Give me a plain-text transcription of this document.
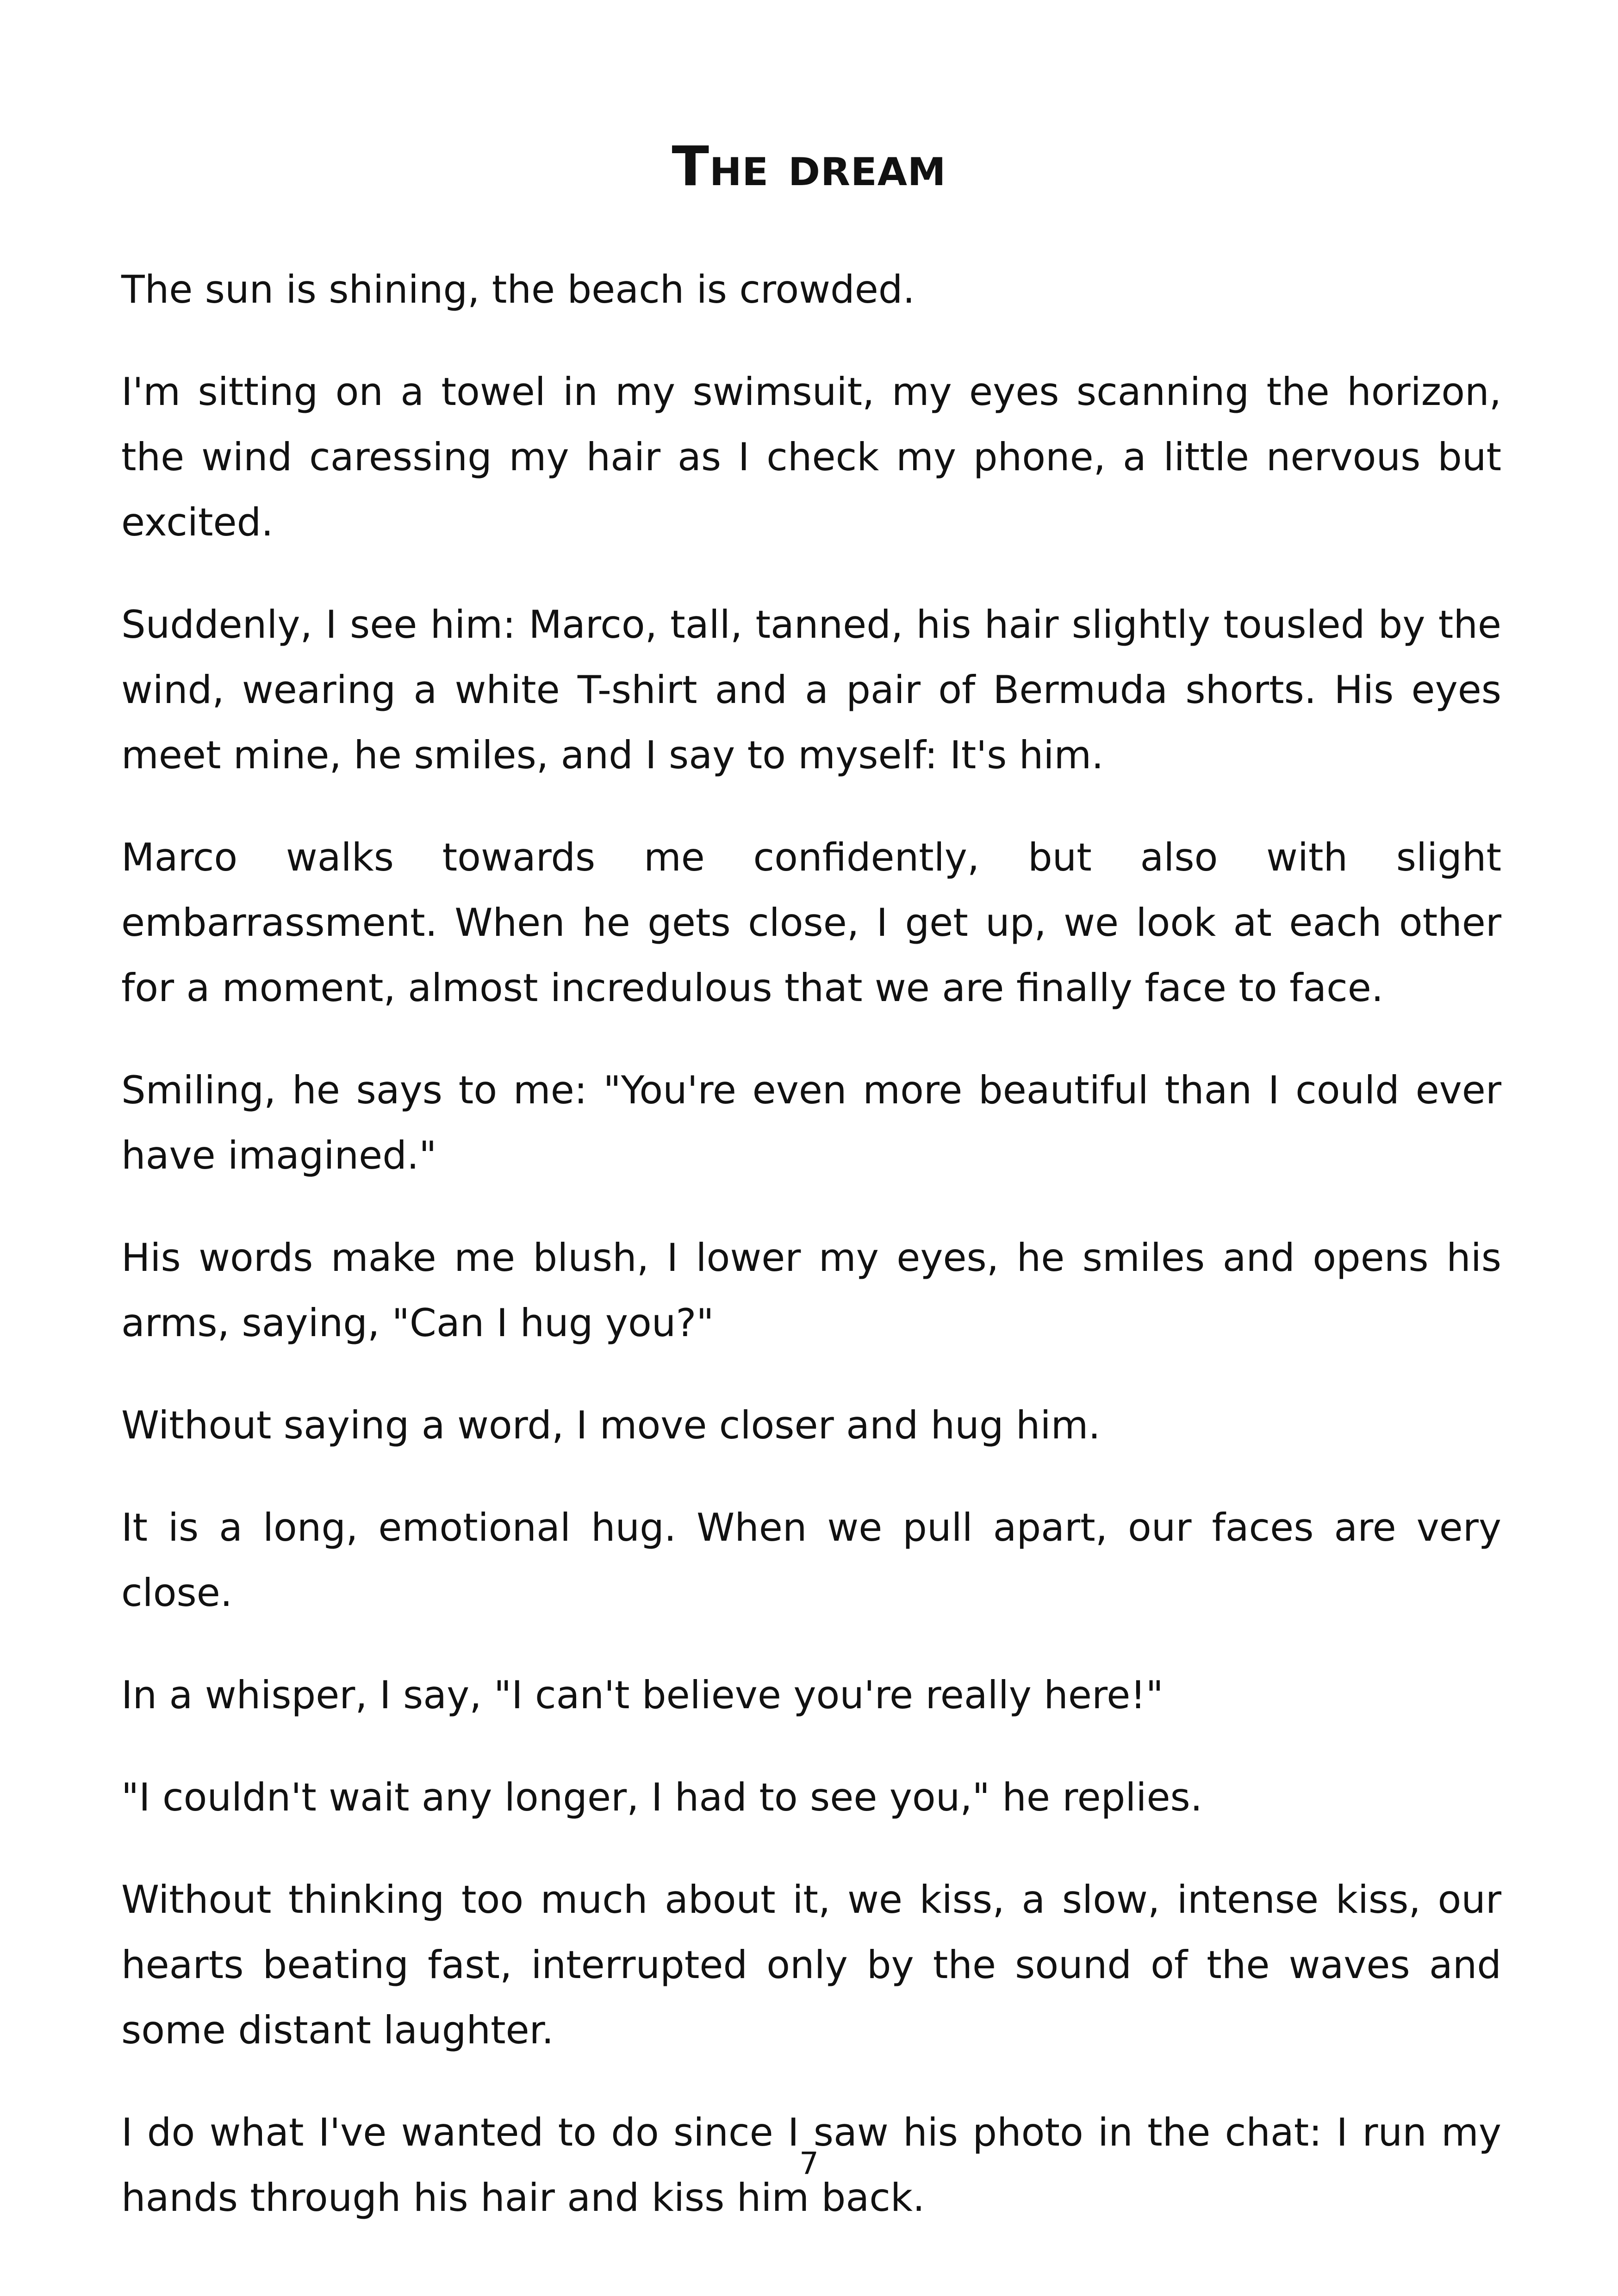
The dream

The sun is shining, the beach is crowded.

I'm sitting on a towel in my swimsuit, my eyes scanning the horizon, the wind caressing my hair as I check my phone, a little nervous but excited.

Suddenly, I see him: Marco, tall, tanned, his hair slightly tousled by the wind, wearing a white T-shirt and a pair of Bermuda shorts. His eyes meet mine, he smiles, and I say to myself: It's him.

Marco walks towards me confidently, but also with slight embarrassment. When he gets close, I get up, we look at each other for a moment, almost incredulous that we are finally face to face.

Smiling, he says to me: "You're even more beautiful than I could ever have imagined."

His words make me blush, I lower my eyes, he smiles and opens his arms, saying, "Can I hug you?"

Without saying a word, I move closer and hug him.

It is a long, emotional hug. When we pull apart, our faces are very close.

In a whisper, I say, "I can't believe you're really here!"

"I couldn't wait any longer, I had to see you," he replies.

Without thinking too much about it, we kiss, a slow, intense kiss, our hearts beating fast, interrupted only by the sound of the waves and some distant laughter.

I do what I've wanted to do since I saw his photo in the chat: I run my hands through his hair and kiss him back.

7
